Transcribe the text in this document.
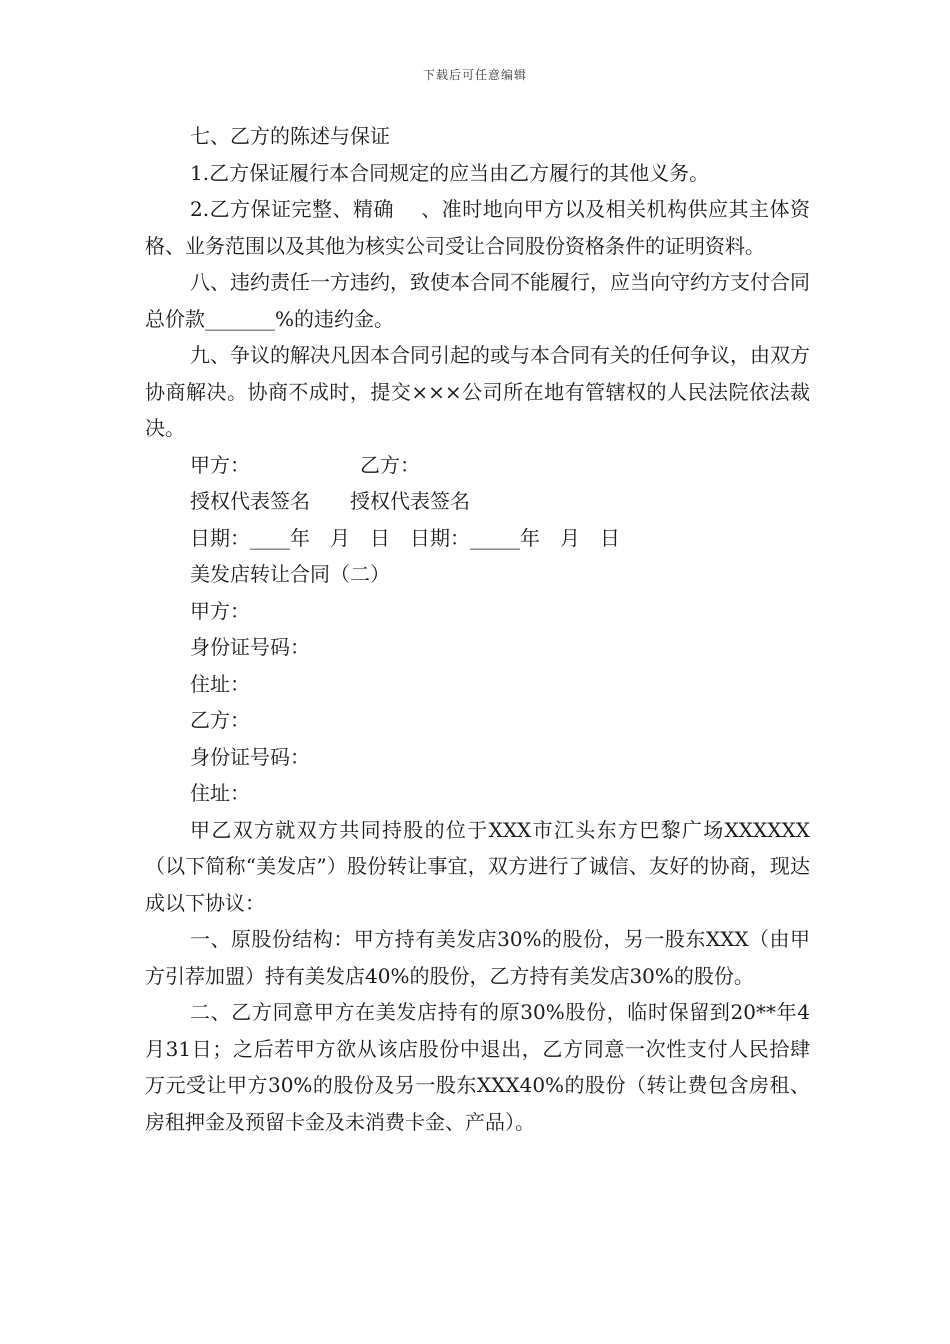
下载后可任意编辑

七、乙方的陈述与保证

1.乙方保证履行本合同规定的应当由乙方履行的其他义务。

2.乙方保证完整、精确　 、准时地向甲方以及相关机构供应其主体资格、业务范围以及其他为核实公司受让合同股份资格条件的证明资料。

八、违约责任一方违约，致使本合同不能履行，应当向守约方支付合同总价款_______%的违约金。

九、争议的解决凡因本合同引起的或与本合同有关的任何争议，由双方协商解决。协商不成时，提交×××公司所在地有管辖权的人民法院依法裁决。

甲方：　　　　　　乙方：

授权代表签名　　授权代表签名

日期：____年　月　日　日期：_____年　月　日

美发店转让合同（二）

甲方：

身份证号码：

住址：

乙方：

身份证号码：

住址：

甲乙双方就双方共同持股的位于XXX市江头东方巴黎广场XXXXXX（以下简称“美发店”）股份转让事宜，双方进行了诚信、友好的协商，现达成以下协议：

一、原股份结构：甲方持有美发店30%的股份，另一股东XXX（由甲方引荐加盟）持有美发店40%的股份，乙方持有美发店30%的股份。

二、乙方同意甲方在美发店持有的原30%股份，临时保留到20**年4月31日；之后若甲方欲从该店股份中退出，乙方同意一次性支付人民拾肆万元受让甲方30%的股份及另一股东XXX40%的股份（转让费包含房租、房租押金及预留卡金及未消费卡金、产品）。
